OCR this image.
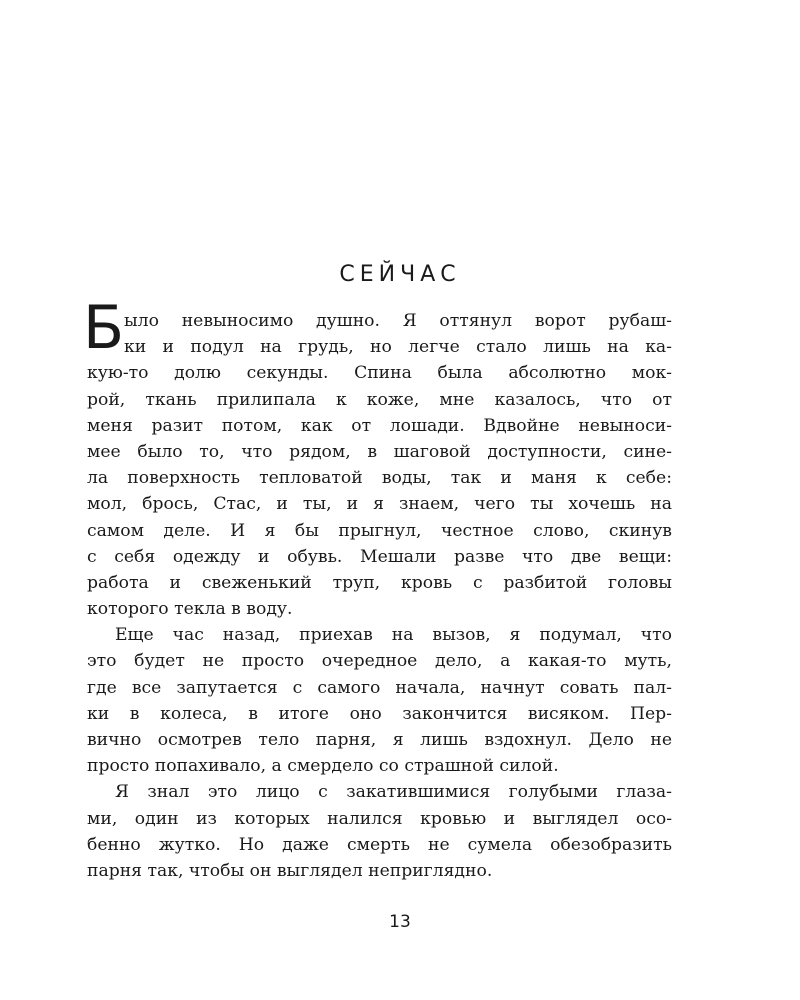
СЕЙЧАС
Б ыло невыносимо душно. Я оттянул ворот рубаш-
ки и подул на грудь, но легче стало лишь на ка-
кую-то долю секунды. Спина была абсолютно мок-
рой, ткань прилипала к коже, мне казалось, что от
меня разит потом, как от лошади. Вдвойне невыноси-
мее было то, что рядом, в шаговой доступности, сине-
ла поверхность тепловатой воды, так и маня к себе:
мол, брось, Стас, и ты, и я знаем, чего ты хочешь на
самом деле. И я бы прыгнул, честное слово, скинув
с себя одежду и обувь. Мешали разве что две вещи:
работа и свеженький труп, кровь с разбитой головы
которого текла в воду.
Еще час назад, приехав на вызов, я подумал, что
это будет не просто очередное дело, а какая-то муть,
где все запутается с самого начала, начнут совать пал-
ки в колеса, в итоге оно закончится висяком. Пер-
вично осмотрев тело парня, я лишь вздохнул. Дело не
просто попахивало, а смердело со страшной силой.
Я знал это лицо с закатившимися голубыми глаза-
ми, один из которых налился кровью и выглядел осо-
бенно жутко. Но даже смерть не сумела обезобразить
парня так, чтобы он выглядел неприглядно.
13
